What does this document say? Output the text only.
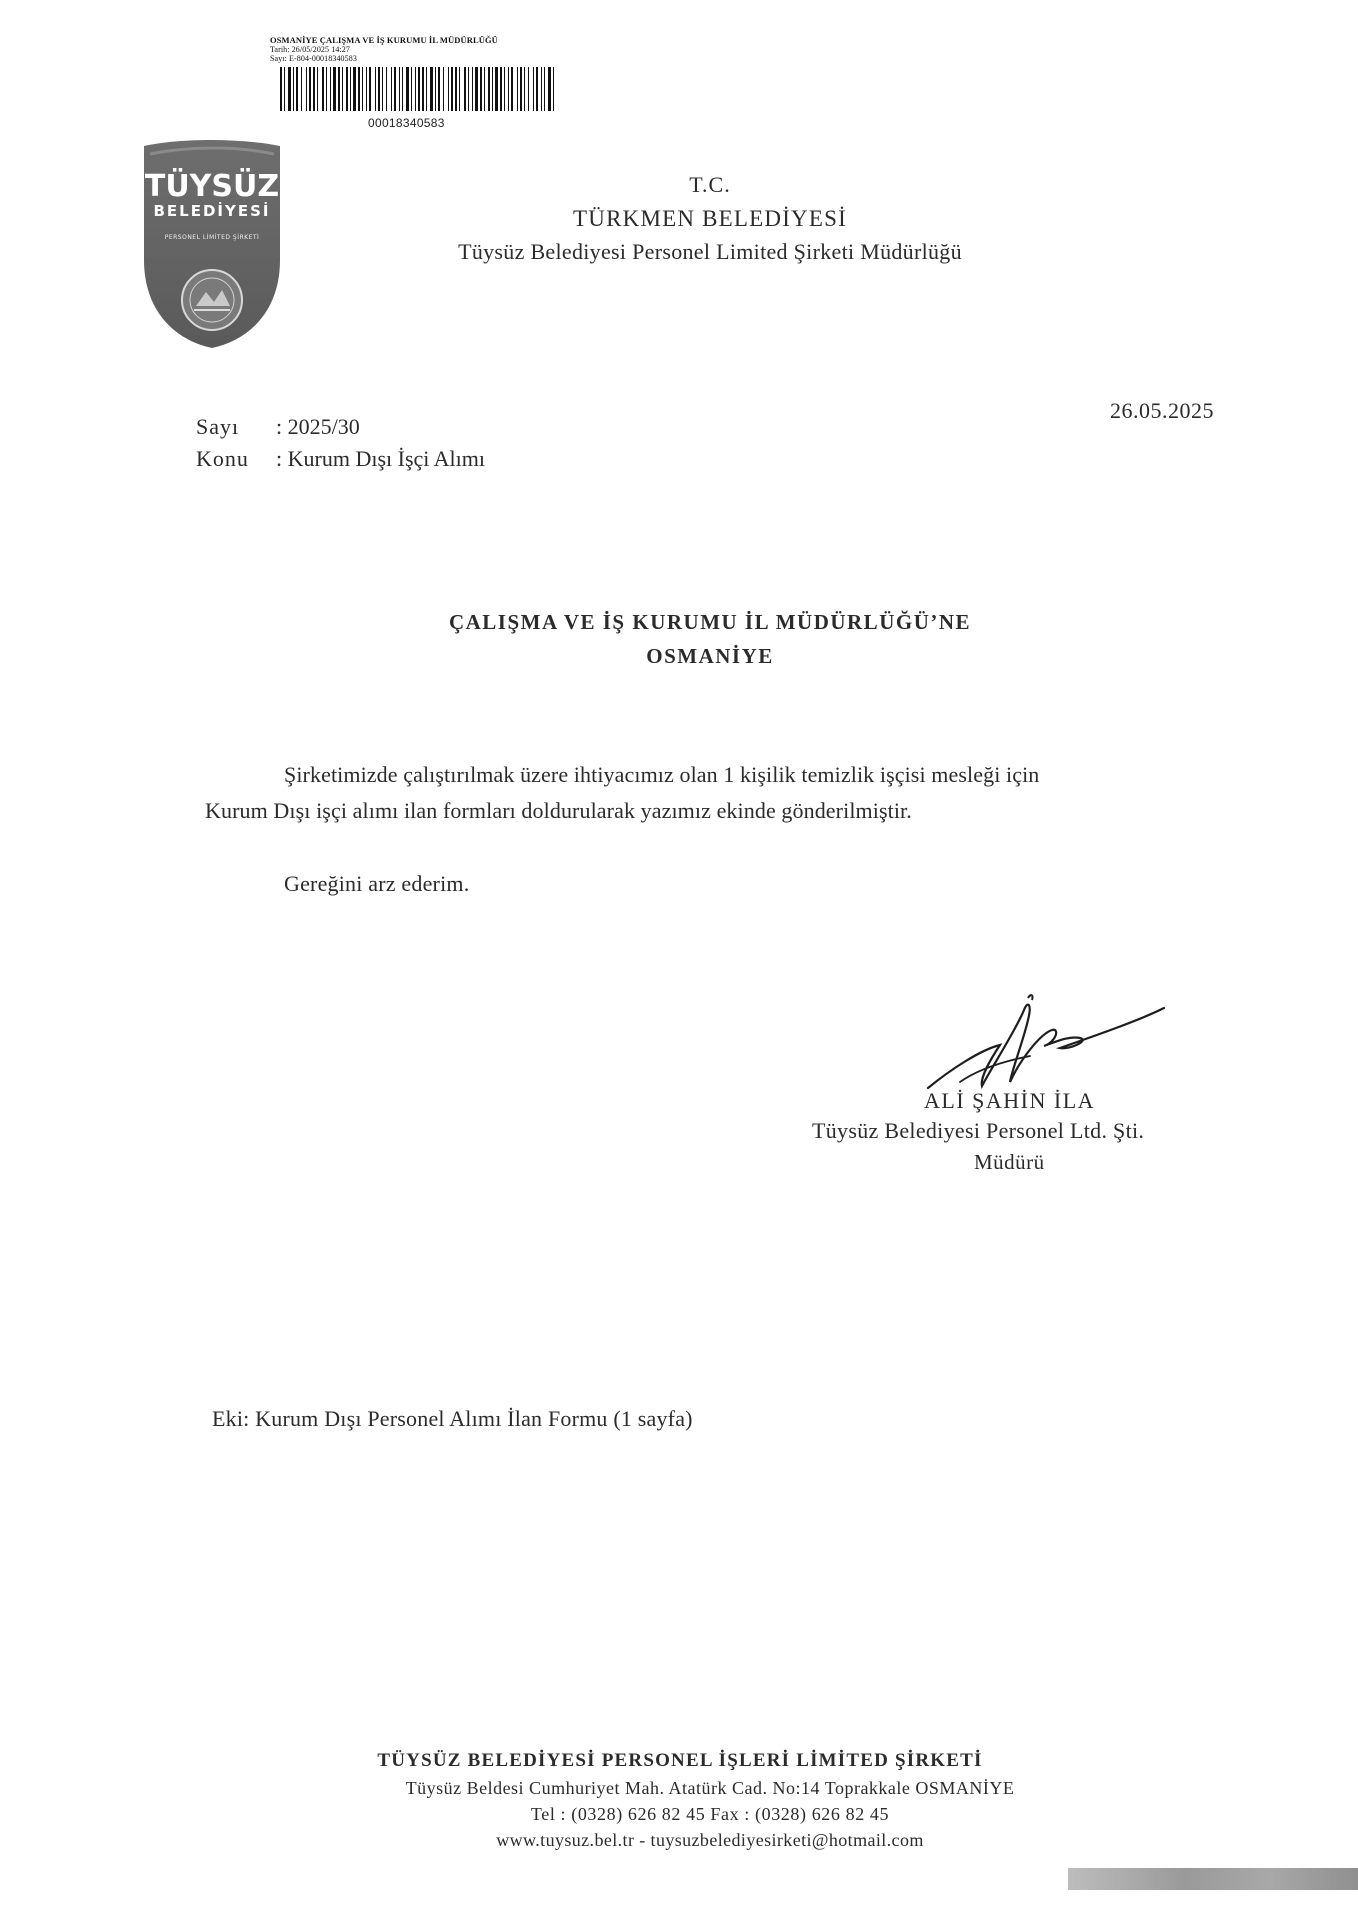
OSMANİYE ÇALIŞMA VE İŞ KURUMU İL MÜDÜRLÜĞÜ
Tarih: 26/05/2025 14:27
Sayı: E-804-00018340583
00018340583
TÜYSÜZ
BELEDİYESİ
PERSONEL LİMİTED ŞİRKETİ
T.C.
TÜRKMEN BELEDİYESİ
Tüysüz Belediyesi Personel Limited Şirketi Müdürlüğü
26.05.2025
Sayı : 2025/30
Konu : Kurum Dışı İşçi Alımı
ÇALIŞMA VE İŞ KURUMU İL MÜDÜRLÜĞÜ’NE
OSMANİYE
Şirketimizde çalıştırılmak üzere ihtiyacımız olan 1 kişilik temizlik işçisi mesleği için
Kurum Dışı işçi alımı ilan formları doldurularak yazımız ekinde gönderilmiştir.
Gereğini arz ederim.
ALİ ŞAHİN İLA
Tüysüz Belediyesi Personel Ltd. Şti.
Müdürü
Eki: Kurum Dışı Personel Alımı İlan Formu (1 sayfa)
TÜYSÜZ BELEDİYESİ PERSONEL İŞLERİ LİMİTED ŞİRKETİ
Tüysüz Beldesi Cumhuriyet Mah. Atatürk Cad. No:14 Toprakkale OSMANİYE
Tel : (0328) 626 82 45 Fax : (0328) 626 82 45
www.tuysuz.bel.tr - tuysuzbelediyesirketi@hotmail.com
